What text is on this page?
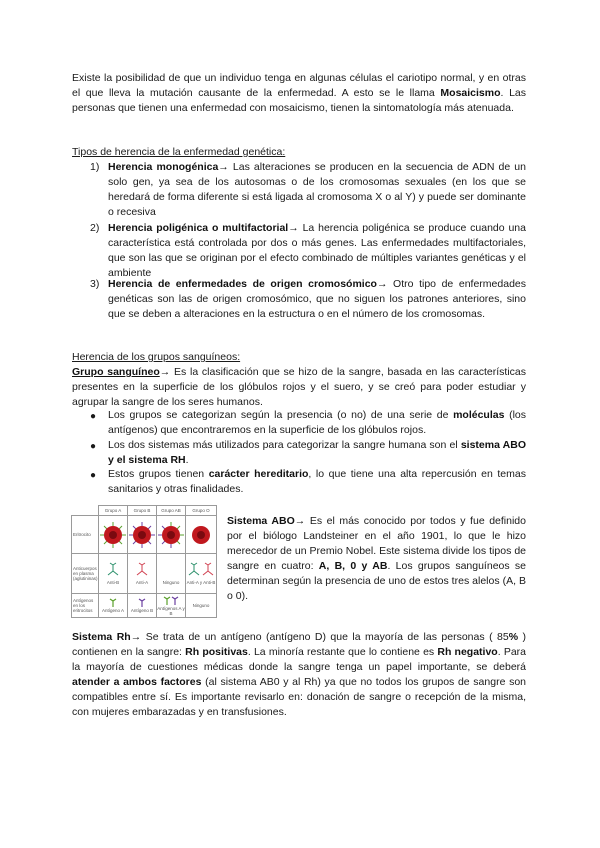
Existe la posibilidad de que un individuo tenga en algunas células el cariotipo normal, y en otras el que lleva la mutación causante de la enfermedad. A esto se le llama Mosaicismo. Las personas que tienen una enfermedad con mosaicismo, tienen la sintomatología más atenuada.

Tipos de herencia de la enfermedad genética:

1) Herencia monogénica→ Las alteraciones se producen en la secuencia de ADN de un solo gen, ya sea de los autosomas o de los cromosomas sexuales (en los que se heredará de forma diferente si está ligada al cromosoma X o al Y) y puede ser dominante o recesiva

2) Herencia poligénica o multifactorial→ La herencia poligénica se produce cuando una característica está controlada por dos o más genes. Las enfermedades multifactoriales, que son las que se originan por el efecto combinado de múltiples variantes genéticas y el ambiente

3) Herencia de enfermedades de origen cromosómico→ Otro tipo de enfermedades genéticas son las de origen cromosómico, que no siguen los patrones anteriores, sino que se deben a alteraciones en la estructura o en el número de los cromosomas.

Herencia de los grupos sanguíneos:

Grupo sanguíneo→ Es la clasificación que se hizo de la sangre, basada en las características presentes en la superficie de los glóbulos rojos y el suero, y se creó para poder estudiar y agrupar la sangre de los seres humanos.

● Los grupos se categorizan según la presencia (o no) de una serie de moléculas (los antígenos) que encontraremos en la superficie de los glóbulos rojos.

● Los dos sistemas más utilizados para categorizar la sangre humana son el sistema ABO y el sistema RH.

● Estos grupos tienen carácter hereditario, lo que tiene una alta repercusión en temas sanitarios y otras finalidades.

	Grupo A	Grupo B	Grupo AB	Grupo O
Eritrocito	

Anticuerpos en plasma (aglutininas)	Anti-B	Anti-A	Ninguno	Anti-A y Anti-B

Antígenos en los eritrocitos	Antígeno A	Antígeno B	Antígenos A y B	Ninguno

Sistema ABO→ Es el más conocido por todos y fue definido por el biólogo Landsteiner en el año 1901, lo que le hizo merecedor de un Premio Nobel. Este sistema divide los tipos de sangre en cuatro: A, B, 0 y AB. Los grupos sanguíneos se determinan según la presencia de uno de estos tres alelos (A, B o 0).

Sistema Rh→ Se trata de un antígeno (antígeno D) que la mayoría de las personas ( 85% ) contienen en la sangre: Rh positivas. La minoría restante que lo contiene es Rh negativo. Para la mayoría de cuestiones médicas donde la sangre tenga un papel importante, se deberá atender a ambos factores (al sistema AB0 y al Rh) ya que no todos los grupos de sangre son compatibles entre sí. Es importante revisarlo en: donación de sangre o recepción de la misma, con mujeres embarazadas y en transfusiones.
